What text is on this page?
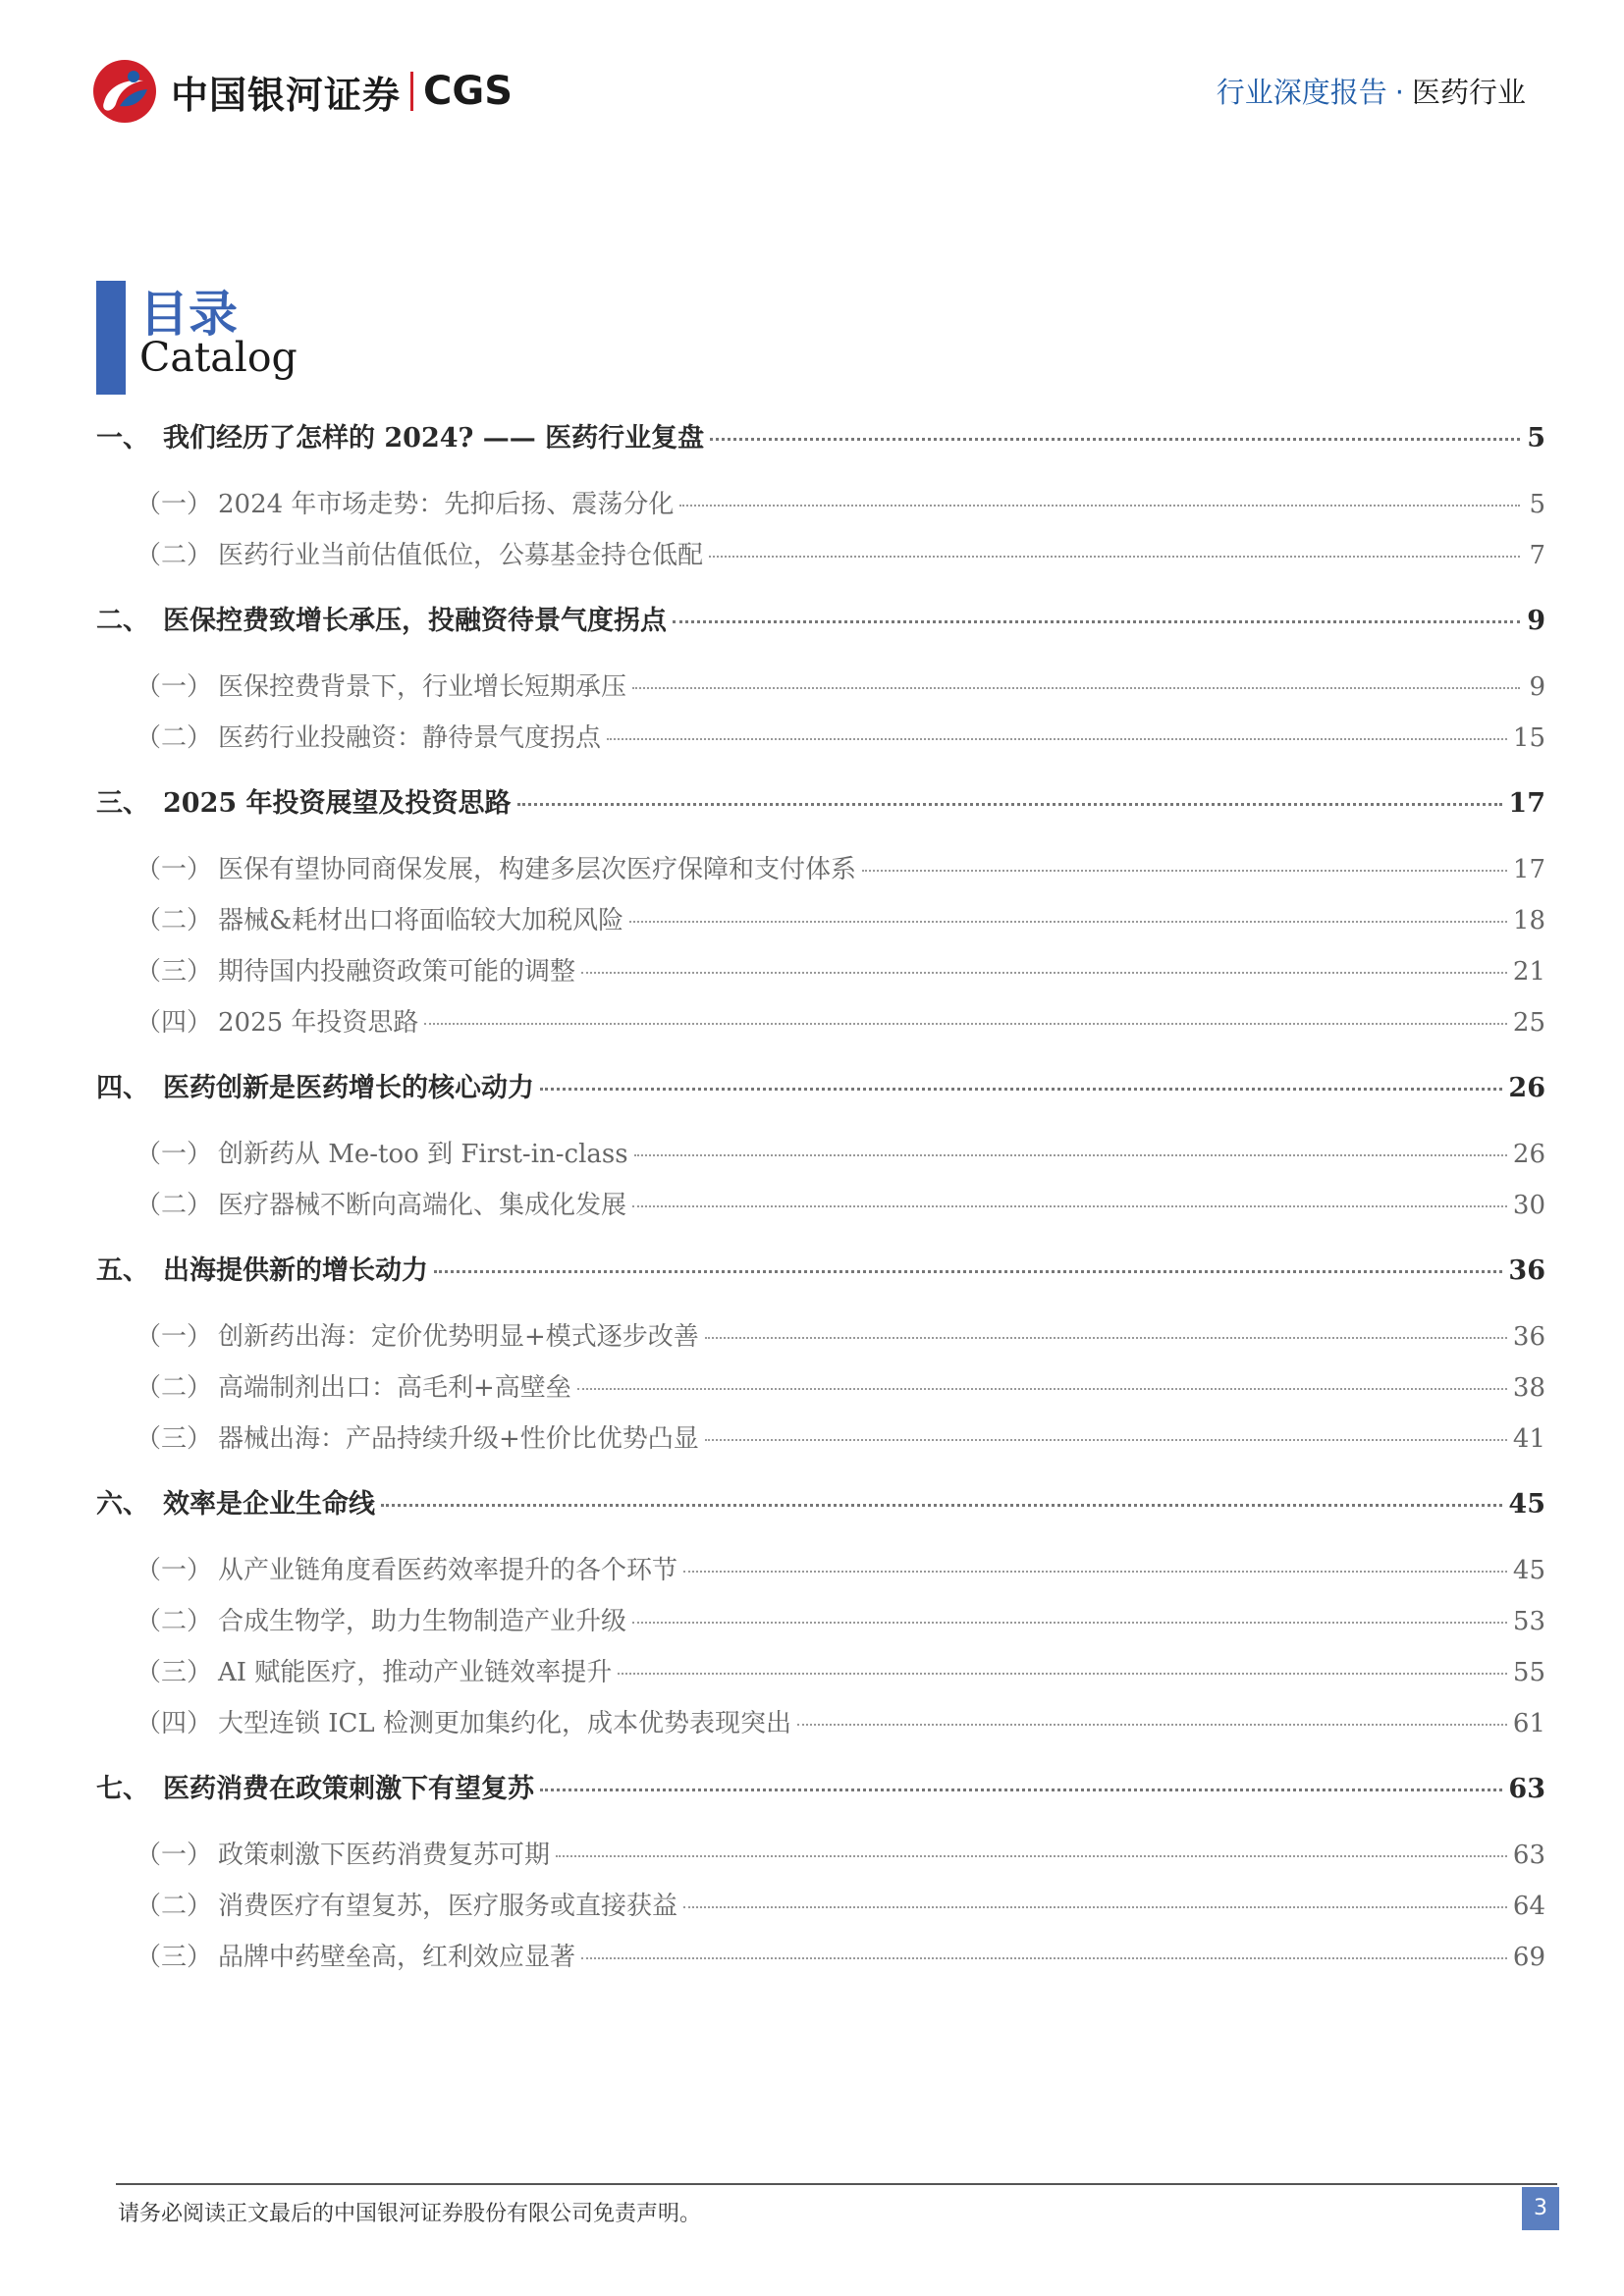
中国银河证券 CGS	行业深度报告 · 医药行业
目录
Catalog
一、 我们经历了怎样的 2024? —— 医药行业复盘	5
（一） 2024 年市场走势：先抑后扬、震荡分化	5
（二） 医药行业当前估值低位，公募基金持仓低配	7
二、 医保控费致增长承压，投融资待景气度拐点	9
（一） 医保控费背景下，行业增长短期承压	9
（二） 医药行业投融资：静待景气度拐点	15
三、 2025 年投资展望及投资思路	17
（一） 医保有望协同商保发展，构建多层次医疗保障和支付体系	17
（二） 器械&耗材出口将面临较大加税风险	18
（三） 期待国内投融资政策可能的调整	21
（四） 2025 年投资思路	25
四、 医药创新是医药增长的核心动力	26
（一） 创新药从 Me-too 到 First-in-class	26
（二） 医疗器械不断向高端化、集成化发展	30
五、 出海提供新的增长动力	36
（一） 创新药出海：定价优势明显+模式逐步改善	36
（二） 高端制剂出口：高毛利+高壁垒	38
（三） 器械出海：产品持续升级+性价比优势凸显	41
六、 效率是企业生命线	45
（一） 从产业链角度看医药效率提升的各个环节	45
（二） 合成生物学，助力生物制造产业升级	53
（三） AI 赋能医疗，推动产业链效率提升	55
（四） 大型连锁 ICL 检测更加集约化，成本优势表现突出	61
七、 医药消费在政策刺激下有望复苏	63
（一） 政策刺激下医药消费复苏可期	63
（二） 消费医疗有望复苏，医疗服务或直接获益	64
（三） 品牌中药壁垒高，红利效应显著	69
请务必阅读正文最后的中国银河证券股份有限公司免责声明。	3
